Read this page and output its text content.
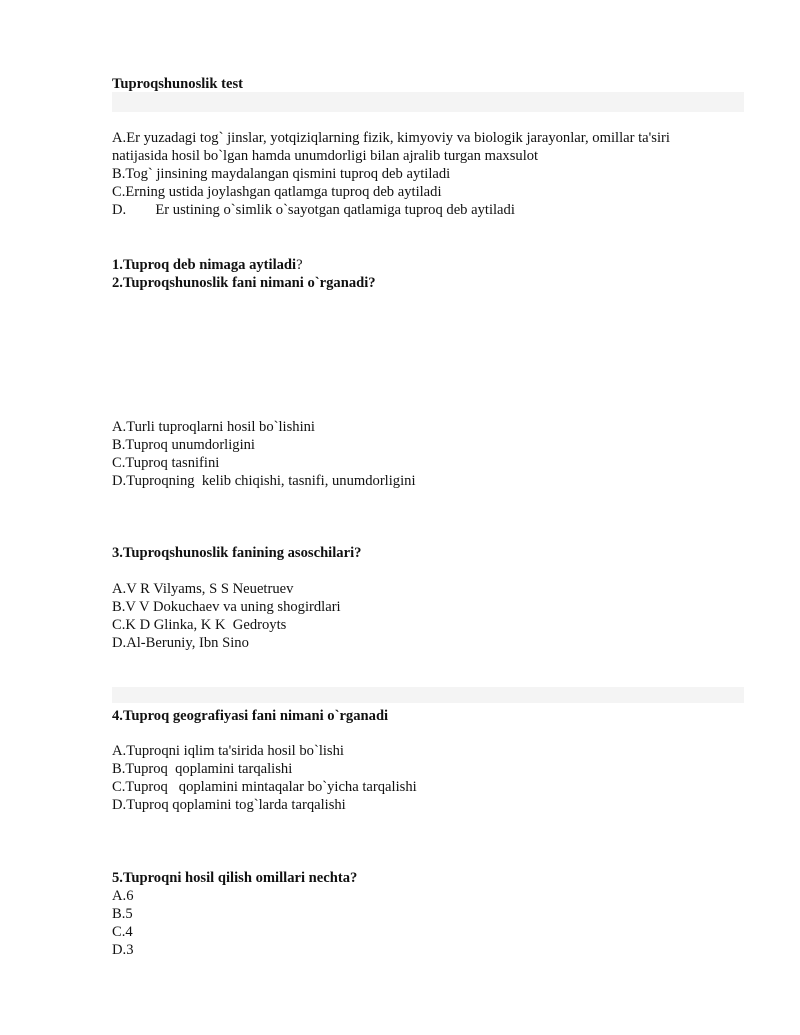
Tuproqshunoslik test
A.Er yuzadagi tog` jinslar, yotqiziqlarning fizik, kimyoviy va biologik jarayonlar, omillar ta'siri
natijasida hosil bo`lgan hamda unumdorligi bilan ajralib turgan maxsulot
B.Tog` jinsining maydalangan qismini tuproq deb aytiladi
C.Erning ustida joylashgan qatlamga tuproq deb aytiladi
D.        Er ustining o`simlik o`sayotgan qatlamiga tuproq deb aytiladi
1.Tuproq deb nimaga aytiladi?
2.Tuproqshunoslik fani nimani o`rganadi?
A.Turli tuproqlarni hosil bo`lishini
B.Tuproq unumdorligini
C.Tuproq tasnifini
D.Tuproqning  kelib chiqishi, tasnifi, unumdorligini
3.Tuproqshunoslik fanining asoschilari?
A.V R Vilyams, S S Neuetruev
B.V V Dokuchaev va uning shogirdlari
C.K D Glinka, K K  Gedroyts
D.Al-Beruniy, Ibn Sino
4.Tuproq geografiyasi fani nimani o`rganadi
A.Tuproqni iqlim ta'sirida hosil bo`lishi
B.Tuproq  qoplamini tarqalishi
C.Tuproq   qoplamini mintaqalar bo`yicha tarqalishi
D.Tuproq qoplamini tog`larda tarqalishi
5.Tuproqni hosil qilish omillari nechta?
A.6
B.5
C.4
D.3
